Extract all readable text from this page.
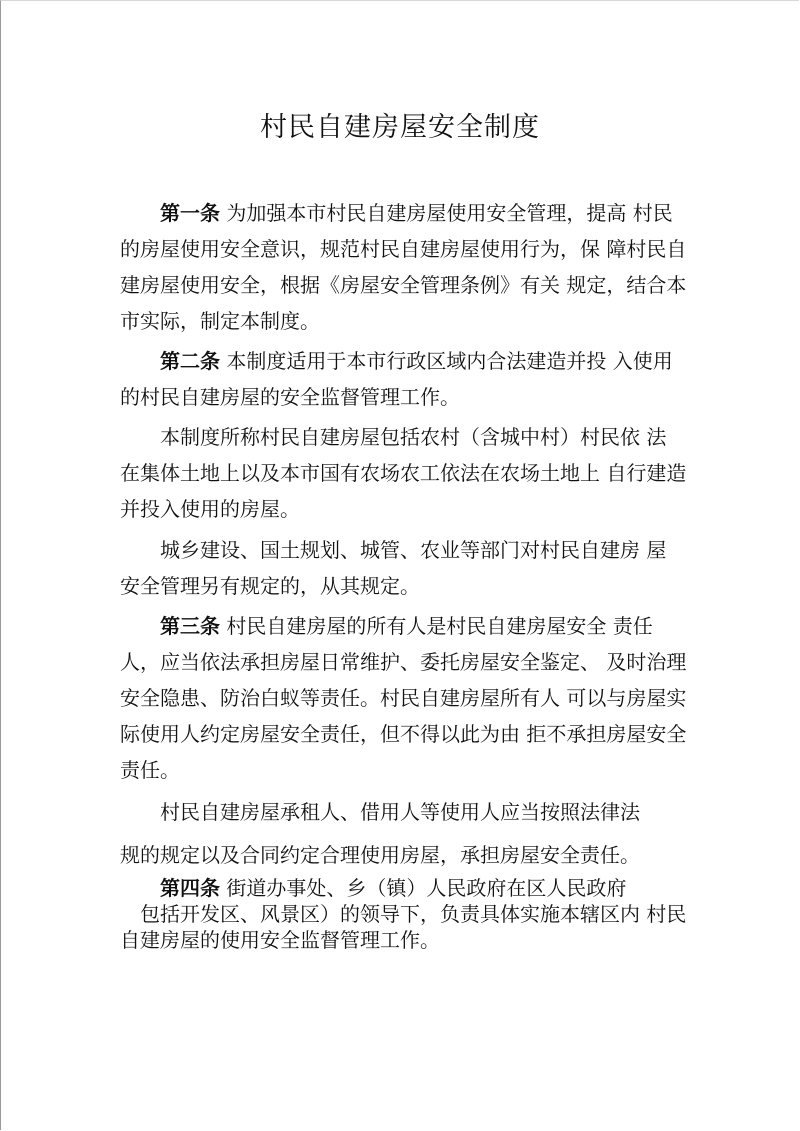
村民自建房屋安全制度
第一条 为加强本市村民自建房屋使用安全管理，提高 村民
的房屋使用安全意识，规范村民自建房屋使用行为，保 障村民自
建房屋使用安全，根据《房屋安全管理条例》有关 规定，结合本
市实际，制定本制度。
第二条 本制度适用于本市行政区域内合法建造并投 入使用
的村民自建房屋的安全监督管理工作。
本制度所称村民自建房屋包括农村（含城中村）村民依 法
在集体土地上以及本市国有农场农工依法在农场土地上 自行建造
并投入使用的房屋。
城乡建设、国土规划、城管、农业等部门对村民自建房 屋
安全管理另有规定的，从其规定。
第三条 村民自建房屋的所有人是村民自建房屋安全 责任
人，应当依法承担房屋日常维护、委托房屋安全鉴定、 及时治理
安全隐患、防治白蚁等责任。村民自建房屋所有人 可以与房屋实
际使用人约定房屋安全责任，但不得以此为由 拒不承担房屋安全
责任。
村民自建房屋承租人、借用人等使用人应当按照法律法
规的规定以及合同约定合理使用房屋，承担房屋安全责任。
第四条 街道办事处、乡（镇）人民政府在区人民政府
包括开发区、风景区）的领导下，负责具体实施本辖区内 村民
自建房屋的使用安全监督管理工作。
